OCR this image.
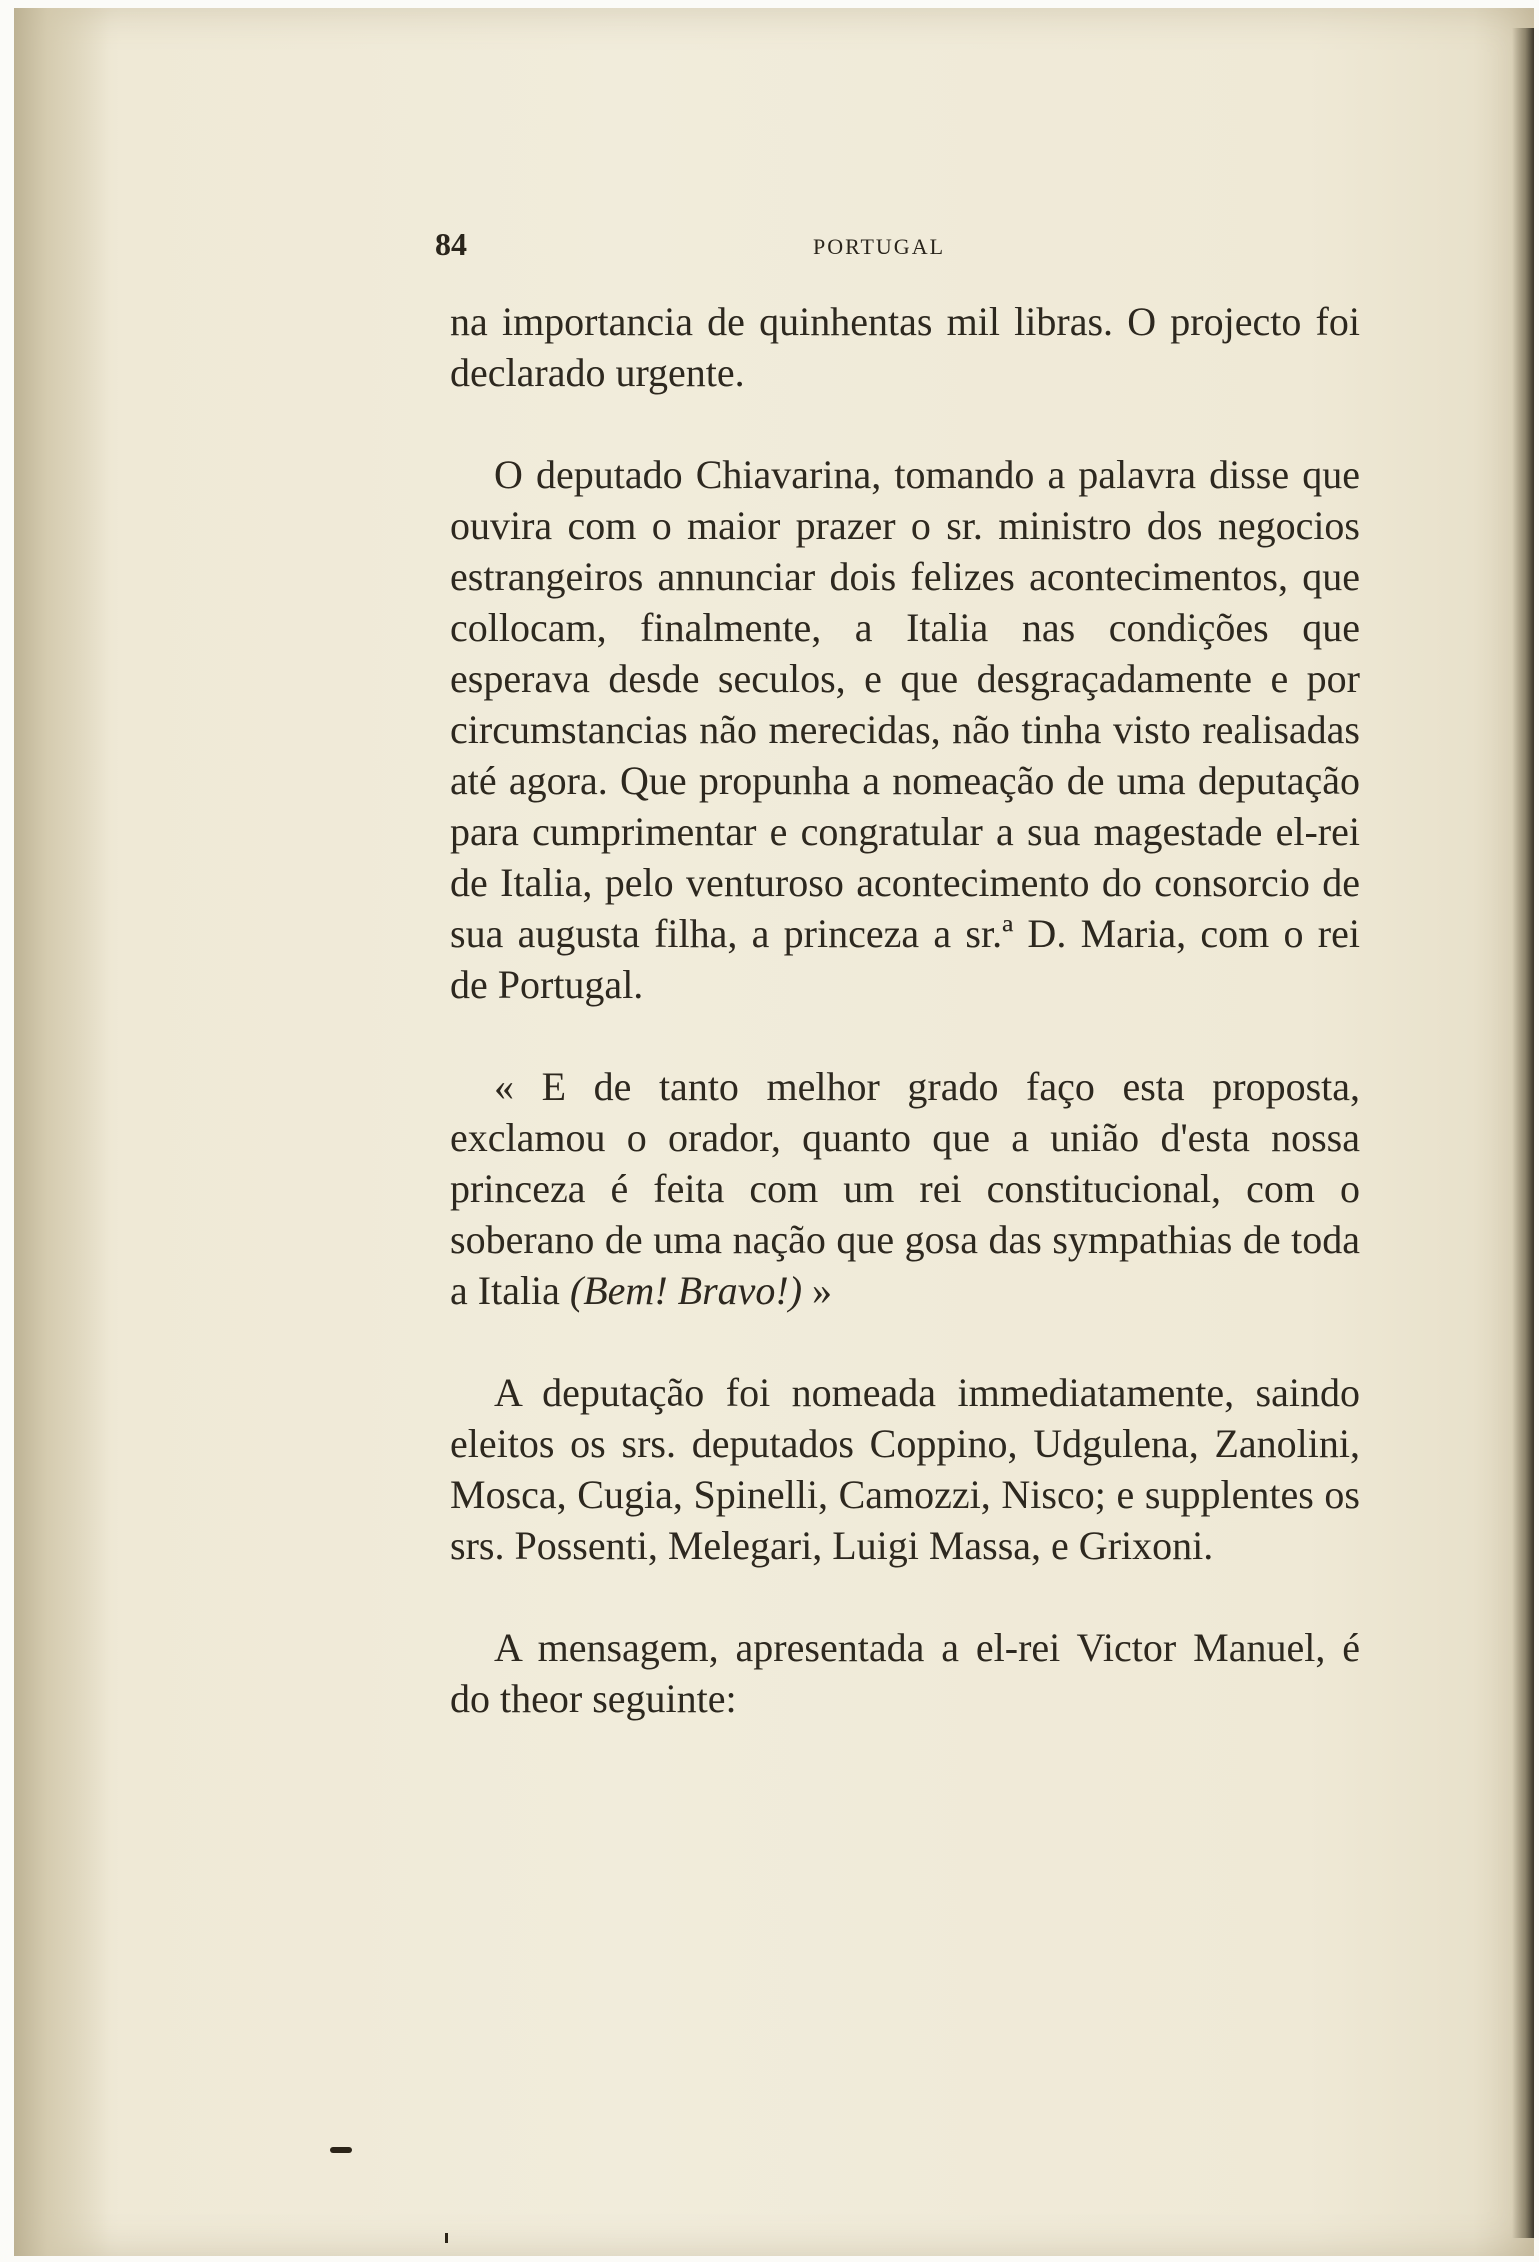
84	PORTUGAL

na importancia de quinhentas mil libras. O projecto foi declarado urgente.

O deputado Chiavarina, tomando a palavra disse que ouvira com o maior prazer o sr. ministro dos negocios estrangeiros annunciar dois felizes acontecimentos, que collocam, finalmente, a Italia nas condições que esperava desde seculos, e que desgraçadamente e por circumstancias não merecidas, não tinha visto realisadas até agora. Que propunha a nomeação de uma deputação para cumprimentar e congratular a sua magestade el-rei de Italia, pelo venturoso acontecimento do consorcio de sua augusta filha, a princeza a sr.ª D. Maria, com o rei de Portugal.

« E de tanto melhor grado faço esta proposta, exclamou o orador, quanto que a união d'esta nossa princeza é feita com um rei constitucional, com o soberano de uma nação que gosa das sympathias de toda a Italia (Bem! Bravo!) »

A deputação foi nomeada immediatamente, saindo eleitos os srs. deputados Coppino, Udgulena, Zanolini, Mosca, Cugia, Spinelli, Camozzi, Nisco; e supplentes os srs. Possenti, Melegari, Luigi Massa, e Grixoni.

A mensagem, apresentada a el-rei Victor Manuel, é do theor seguinte:
